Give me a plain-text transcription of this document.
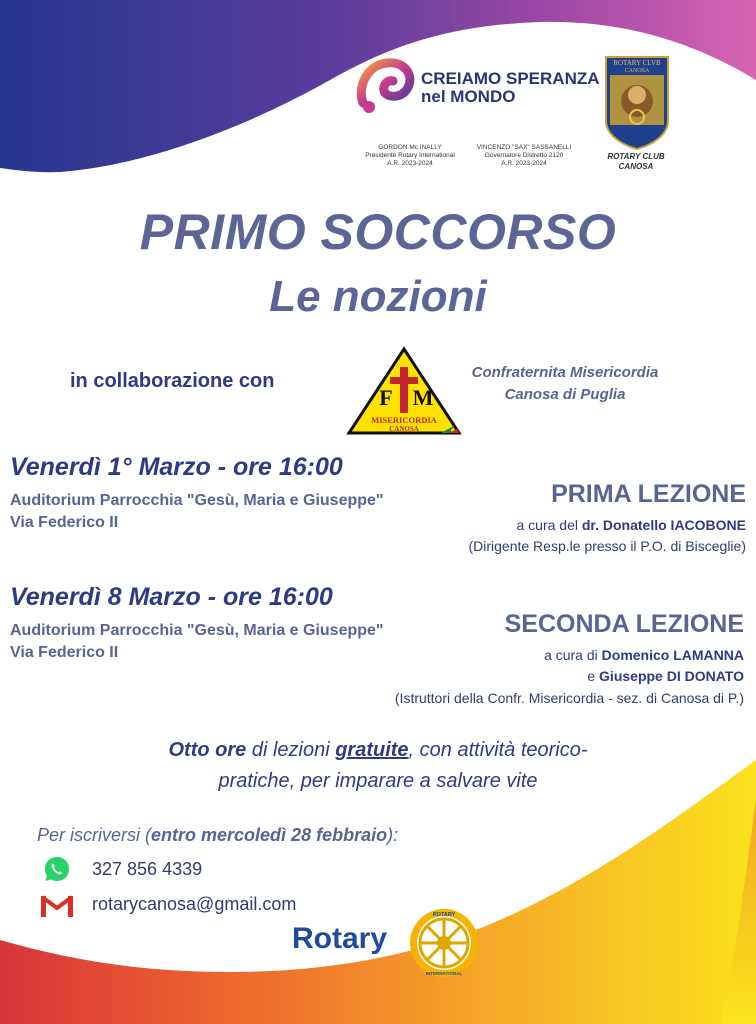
CREIAMO SPERANZA
nel MONDO
GORDON Mc INALLY
Presidente Rotary International
A.R. 2023-2024
VINCENZO "SAX" SASSANELLI
Governatore Distretto 2120
A.R. 2023-2024
ROTARY CLVB
CANOSA
ROTARY CLUB
CANOSA
PRIMO SOCCORSO
Le nozioni
in collaborazione con
F M
MISERICORDIA
CANOSA
Confraternita Misericordia
Canosa di Puglia
Venerdì 1° Marzo - ore 16:00
Auditorium Parrocchia "Gesù, Maria e Giuseppe"
Via Federico II
PRIMA LEZIONE
a cura del dr. Donatello IACOBONE
(Dirigente Resp.le presso il P.O. di Bisceglie)
Venerdì 8 Marzo - ore 16:00
Auditorium Parrocchia "Gesù, Maria e Giuseppe"
Via Federico II
SECONDA LEZIONE
a cura di Domenico LAMANNA
e Giuseppe DI DONATO
(Istruttori della Confr. Misericordia - sez. di Canosa di P.)
Otto ore di lezioni gratuite, con attività teorico-
pratiche, per imparare a salvare vite
Per iscriversi (entro mercoledì 28 febbraio):
327 856 4339
rotarycanosa@gmail.com
Rotary
ROTARY
INTERNATIONAL
